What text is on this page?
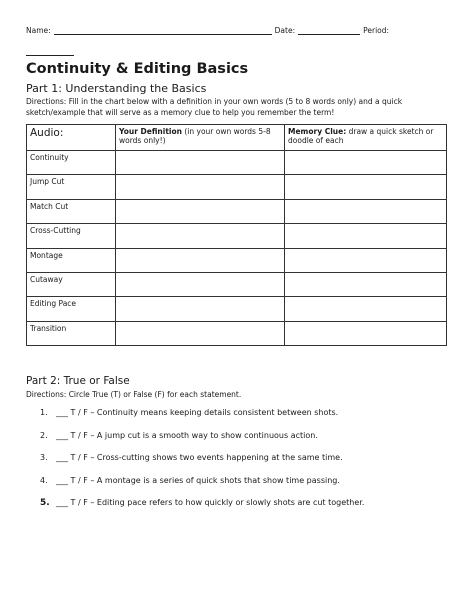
Name:	Date:	Period:
Continuity & Editing Basics
Part 1: Understanding the Basics
Directions: Fill in the chart below with a definition in your own words (5 to 8 words only) and a quick sketch/example that will serve as a memory clue to help you remember the term!
Audio:	Your Definition (in your own words 5-8 words only!)	Memory Clue: draw a quick sketch or doodle of each
Continuity		
Jump Cut		
Match Cut		
Cross-Cutting		
Montage		
Cutaway		
Editing Pace		
Transition		
Part 2: True or False
Directions: Circle True (T) or False (F) for each statement.
1.	___ T / F – Continuity means keeping details consistent between shots.
2.	___ T / F – A jump cut is a smooth way to show continuous action.
3.	___ T / F – Cross-cutting shows two events happening at the same time.
4.	___ T / F – A montage is a series of quick shots that show time passing.
5. ___ T / F – Editing pace refers to how quickly or slowly shots are cut together.
